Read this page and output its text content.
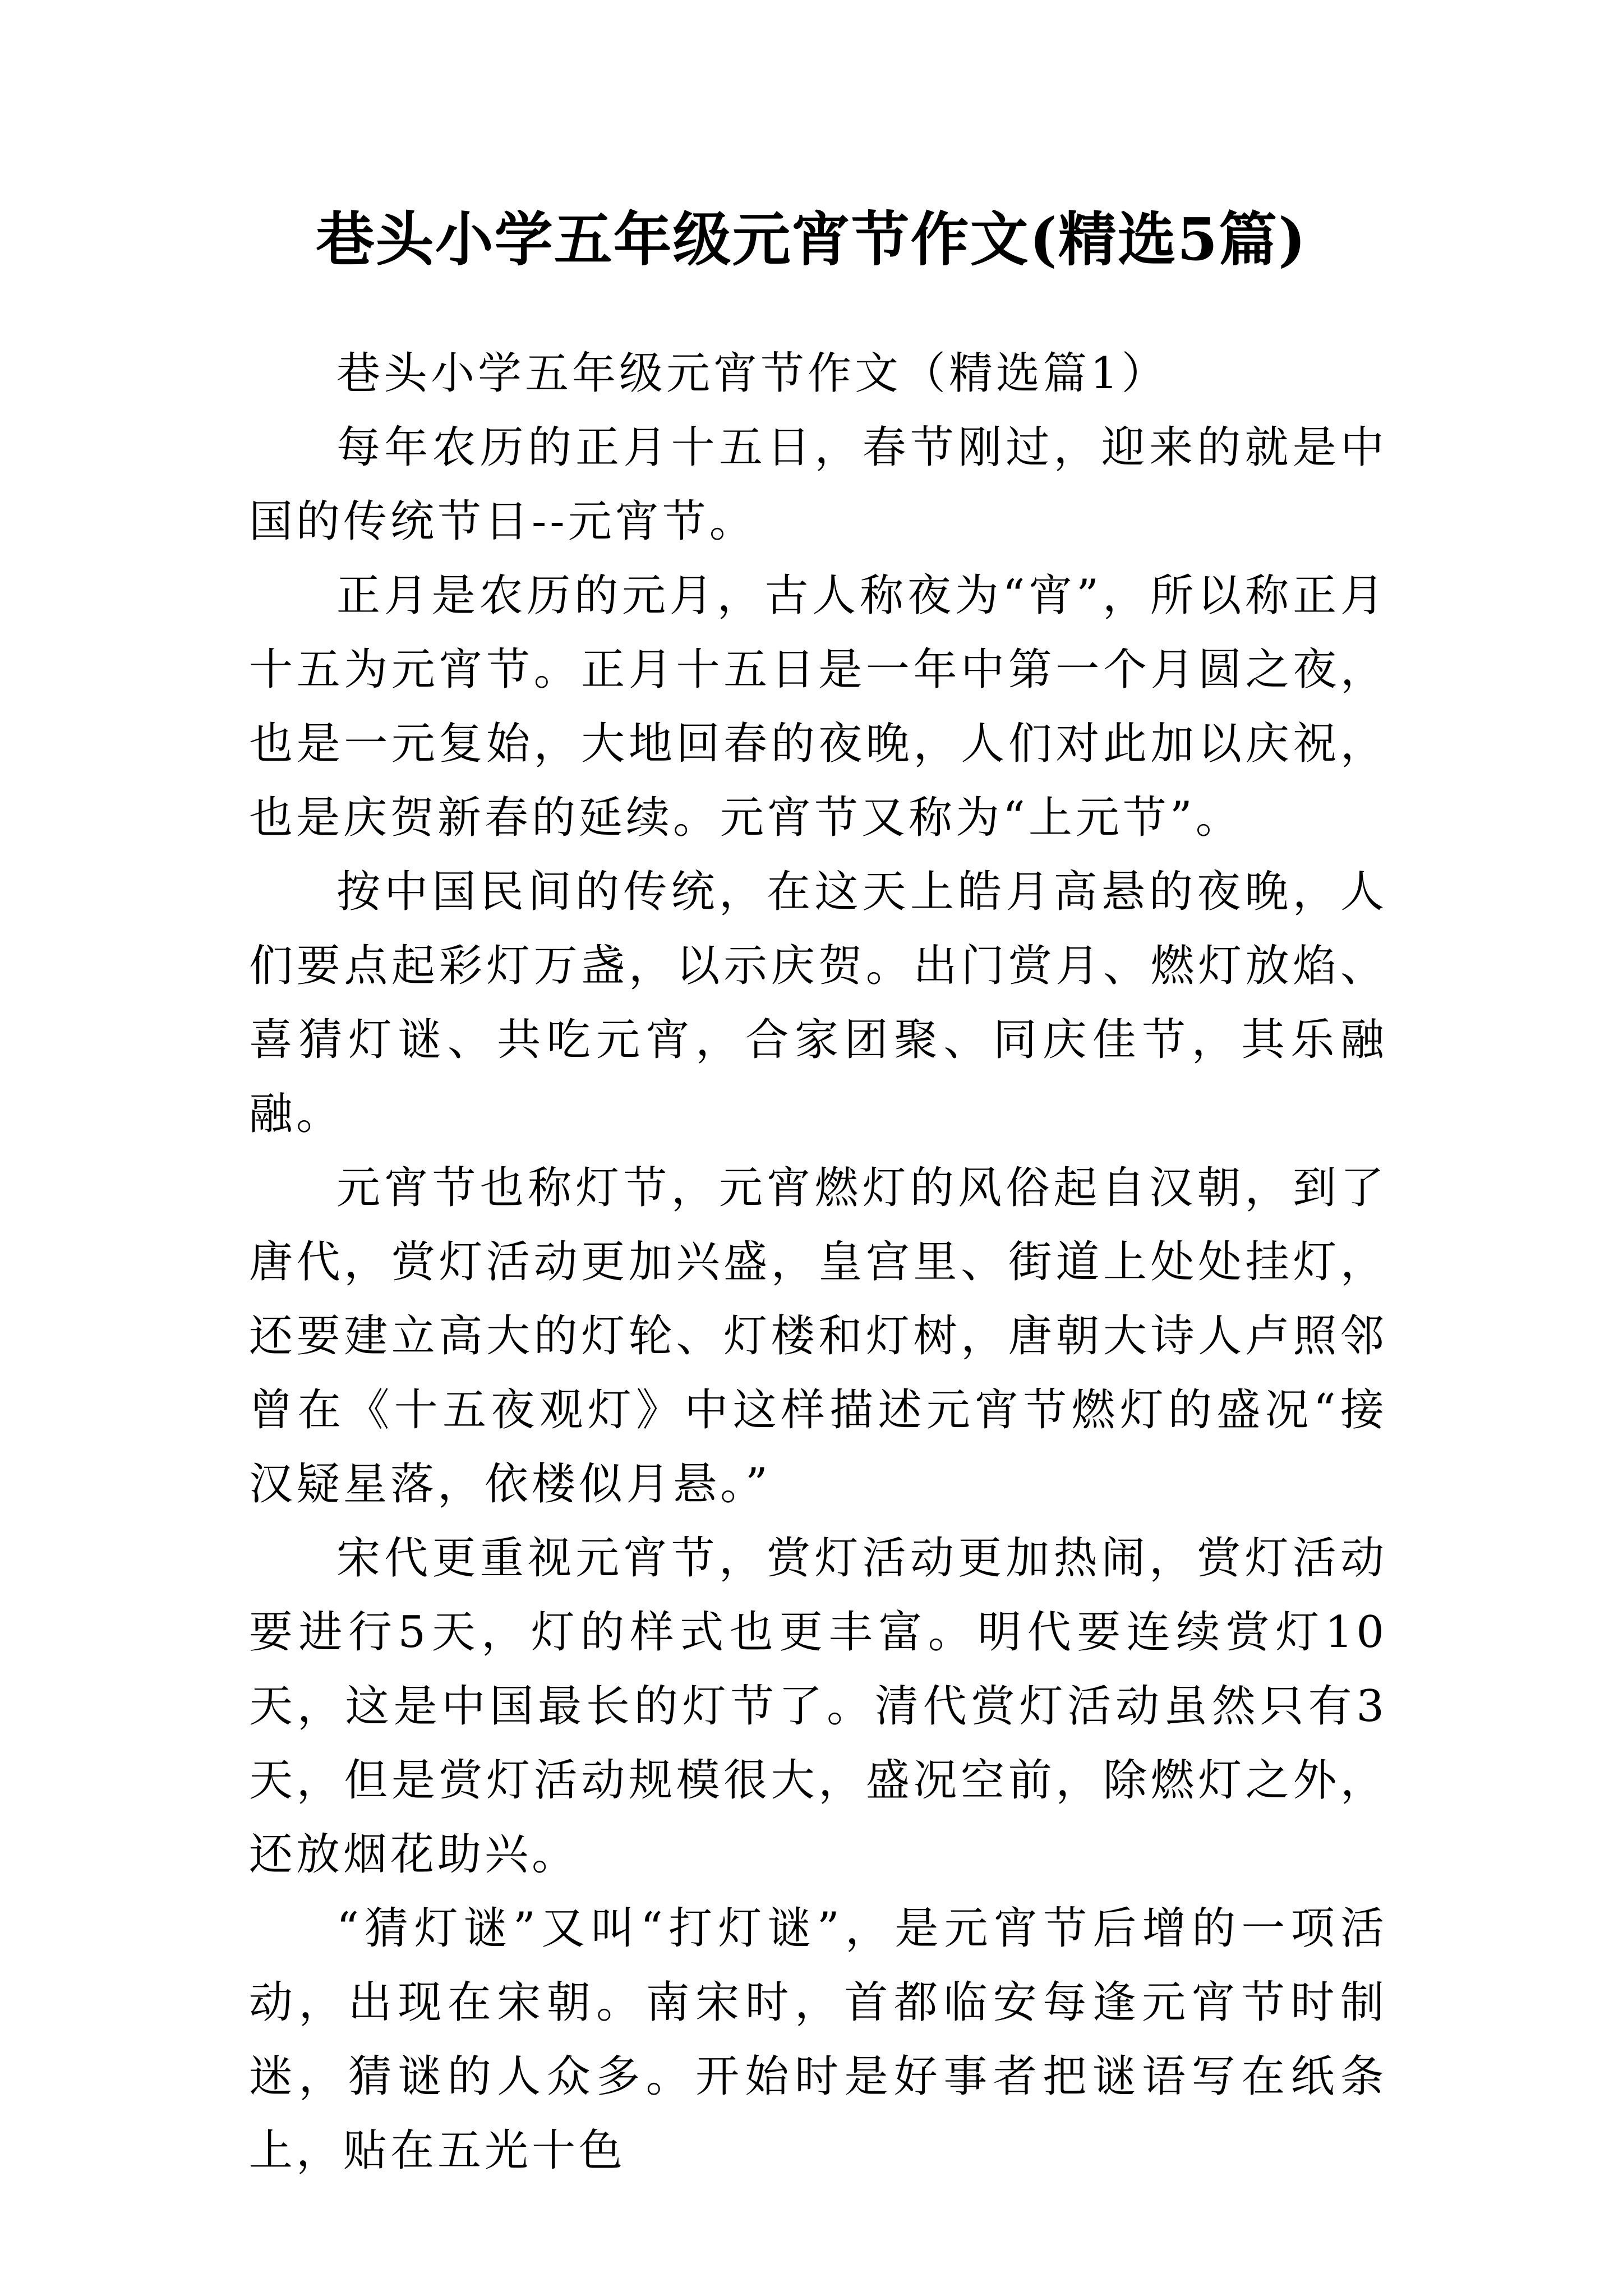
巷头小学五年级元宵节作文(精选5篇)

巷头小学五年级元宵节作文（精选篇1）

每年农历的正月十五日，春节刚过，迎来的就是中国的传统节日--元宵节。

正月是农历的元月，古人称夜为“宵”，所以称正月十五为元宵节。正月十五日是一年中第一个月圆之夜，也是一元复始，大地回春的夜晚，人们对此加以庆祝，也是庆贺新春的延续。元宵节又称为“上元节”。

按中国民间的传统，在这天上皓月高悬的夜晚，人们要点起彩灯万盏，以示庆贺。出门赏月、燃灯放焰、喜猜灯谜、共吃元宵，合家团聚、同庆佳节，其乐融融。

元宵节也称灯节，元宵燃灯的风俗起自汉朝，到了唐代，赏灯活动更加兴盛，皇宫里、街道上处处挂灯，还要建立高大的灯轮、灯楼和灯树，唐朝大诗人卢照邻曾在《十五夜观灯》中这样描述元宵节燃灯的盛况“接汉疑星落，依楼似月悬。”

宋代更重视元宵节，赏灯活动更加热闹，赏灯活动要进行5天，灯的样式也更丰富。明代要连续赏灯10天，这是中国最长的灯节了。清代赏灯活动虽然只有3天，但是赏灯活动规模很大，盛况空前，除燃灯之外，还放烟花助兴。

“猜灯谜”又叫“打灯谜”，是元宵节后增的一项活动，出现在宋朝。南宋时，首都临安每逢元宵节时制迷，猜谜的人众多。开始时是好事者把谜语写在纸条上，贴在五光十色
